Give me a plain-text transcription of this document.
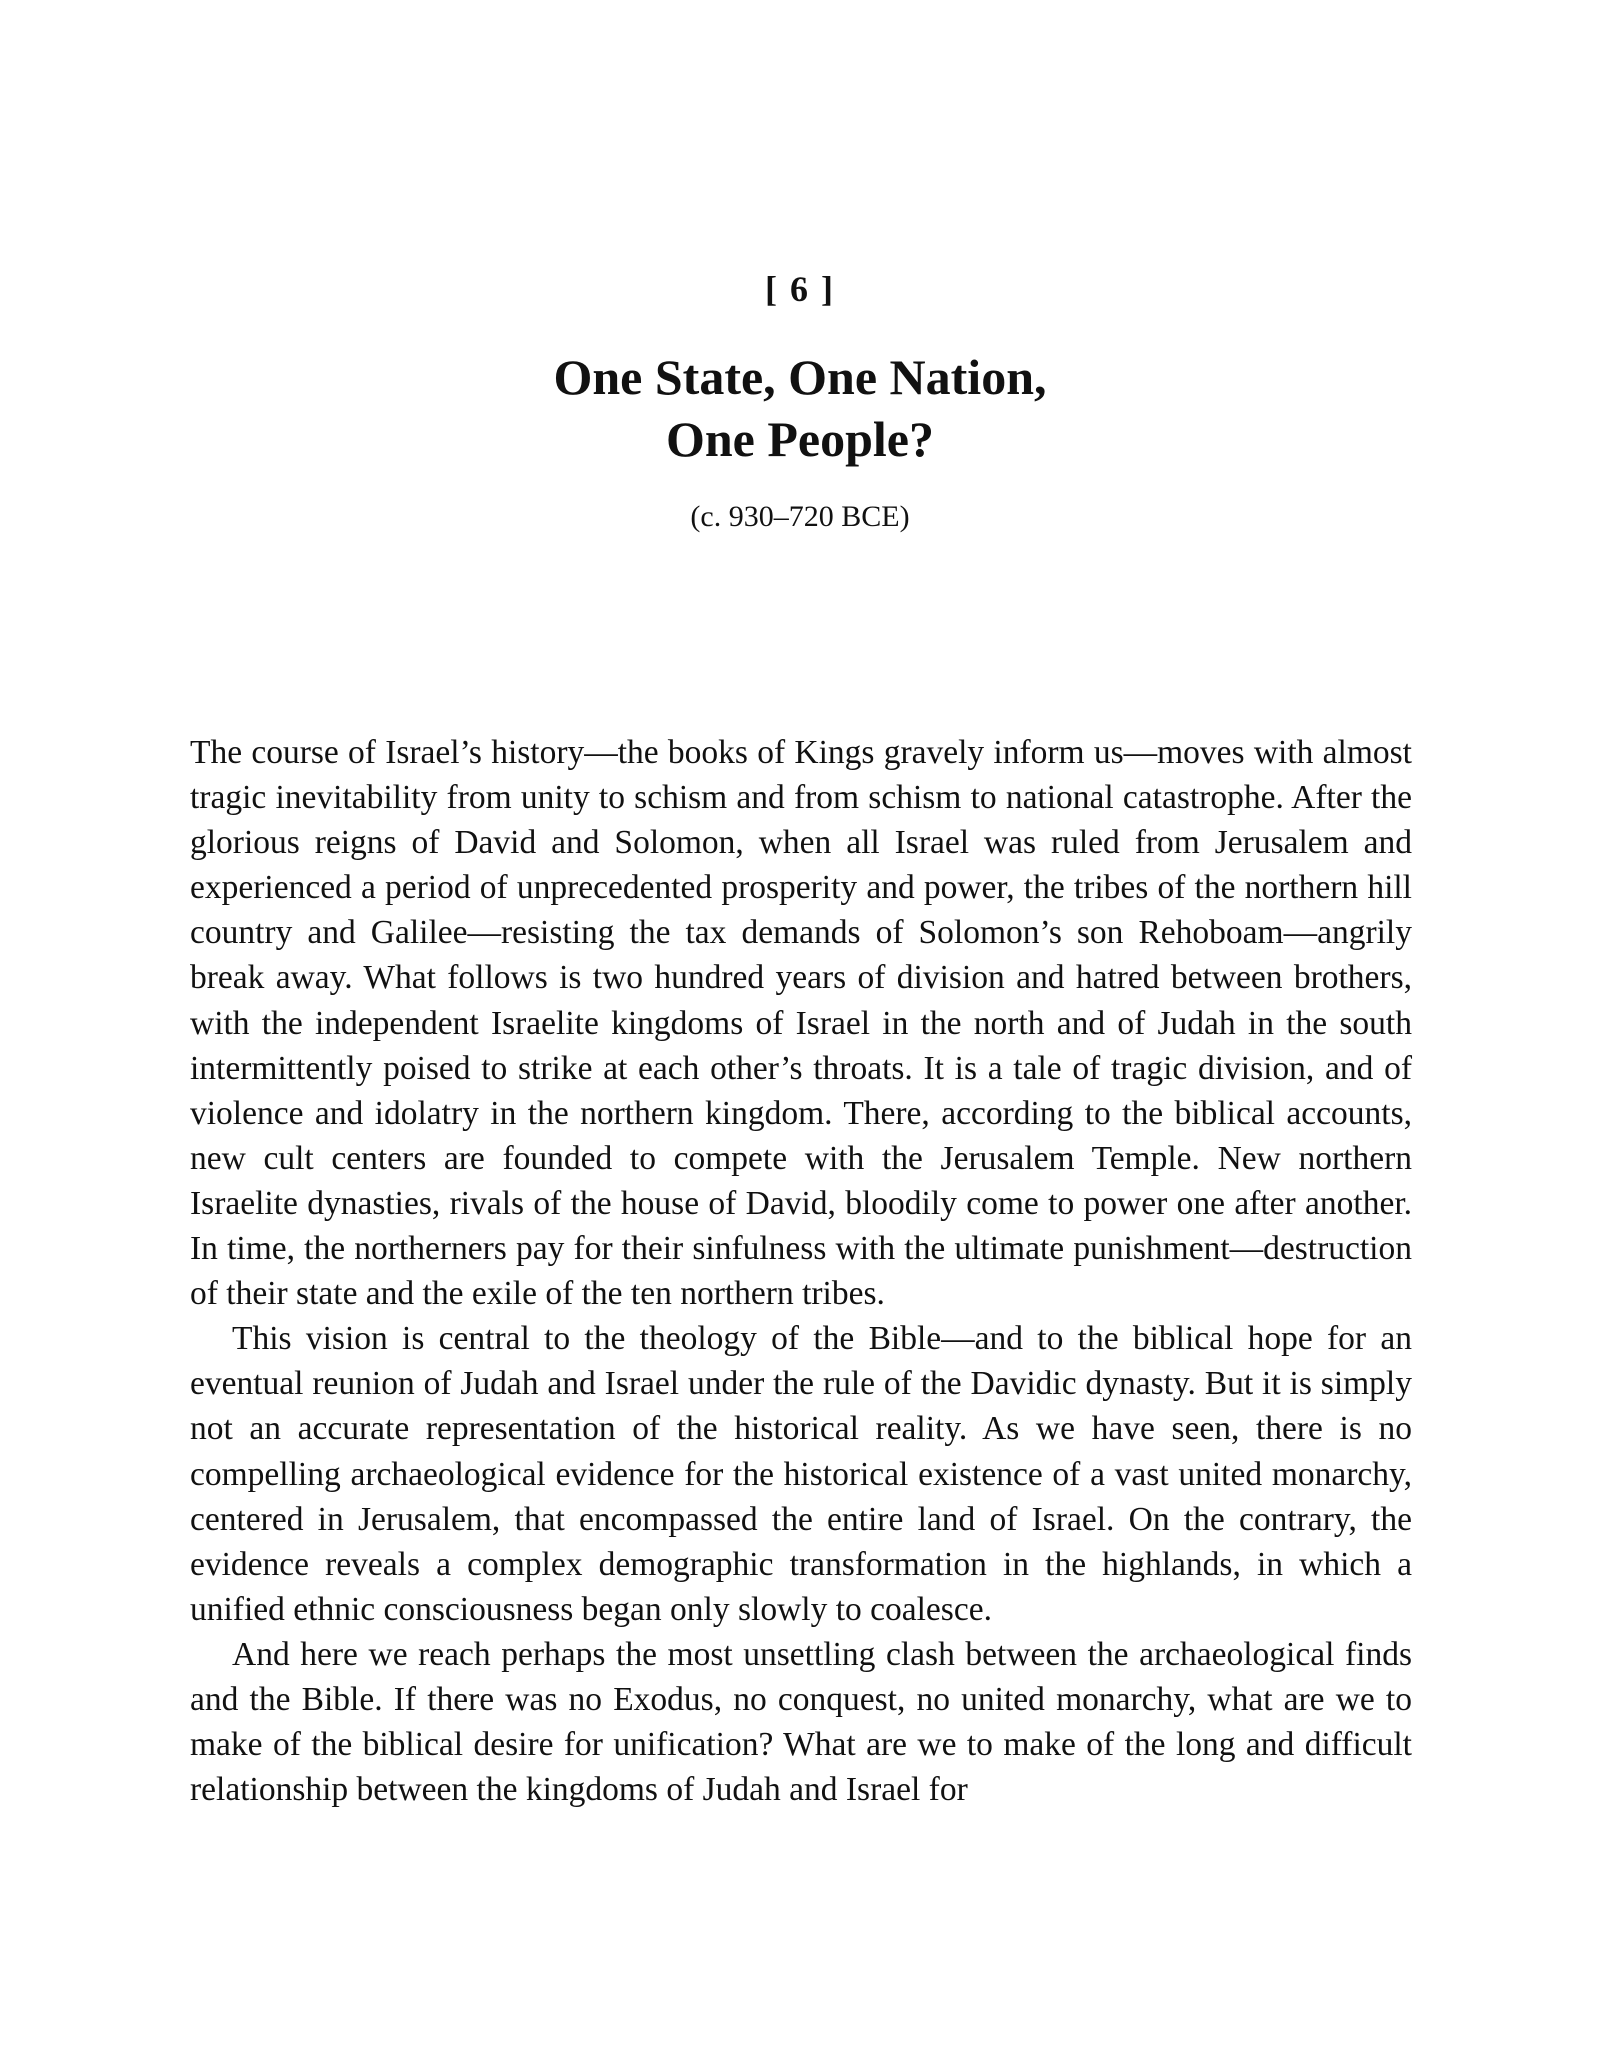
[ 6 ]
One State, One Nation,
One People?
(c. 930–720 BCE)

The course of Israel’s history—the books of Kings gravely inform us—moves with almost tragic inevitability from unity to schism and from schism to national catastrophe. After the glorious reigns of David and Solomon, when all Israel was ruled from Jerusalem and experienced a period of unprecedented prosperity and power, the tribes of the northern hill country and Galilee—resisting the tax demands of Solomon’s son Rehoboam—angrily break away. What follows is two hundred years of division and hatred between brothers, with the independent Israelite kingdoms of Israel in the north and of Judah in the south intermittently poised to strike at each other’s throats. It is a tale of tragic division, and of violence and idolatry in the northern kingdom. There, according to the biblical accounts, new cult centers are founded to compete with the Jerusalem Temple. New northern Israelite dynasties, rivals of the house of David, bloodily come to power one after another. In time, the northerners pay for their sinfulness with the ultimate punishment—destruction of their state and the exile of the ten northern tribes.

This vision is central to the theology of the Bible—and to the biblical hope for an eventual reunion of Judah and Israel under the rule of the Davidic dynasty. But it is simply not an accurate representation of the historical reality. As we have seen, there is no compelling archaeological evidence for the historical existence of a vast united monarchy, centered in Jerusalem, that encompassed the entire land of Israel. On the contrary, the evidence reveals a complex demographic transformation in the highlands, in which a unified ethnic consciousness began only slowly to coalesce.

And here we reach perhaps the most unsettling clash between the archaeological finds and the Bible. If there was no Exodus, no conquest, no united monarchy, what are we to make of the biblical desire for unification? What are we to make of the long and difficult relationship between the kingdoms of Judah and Israel for
